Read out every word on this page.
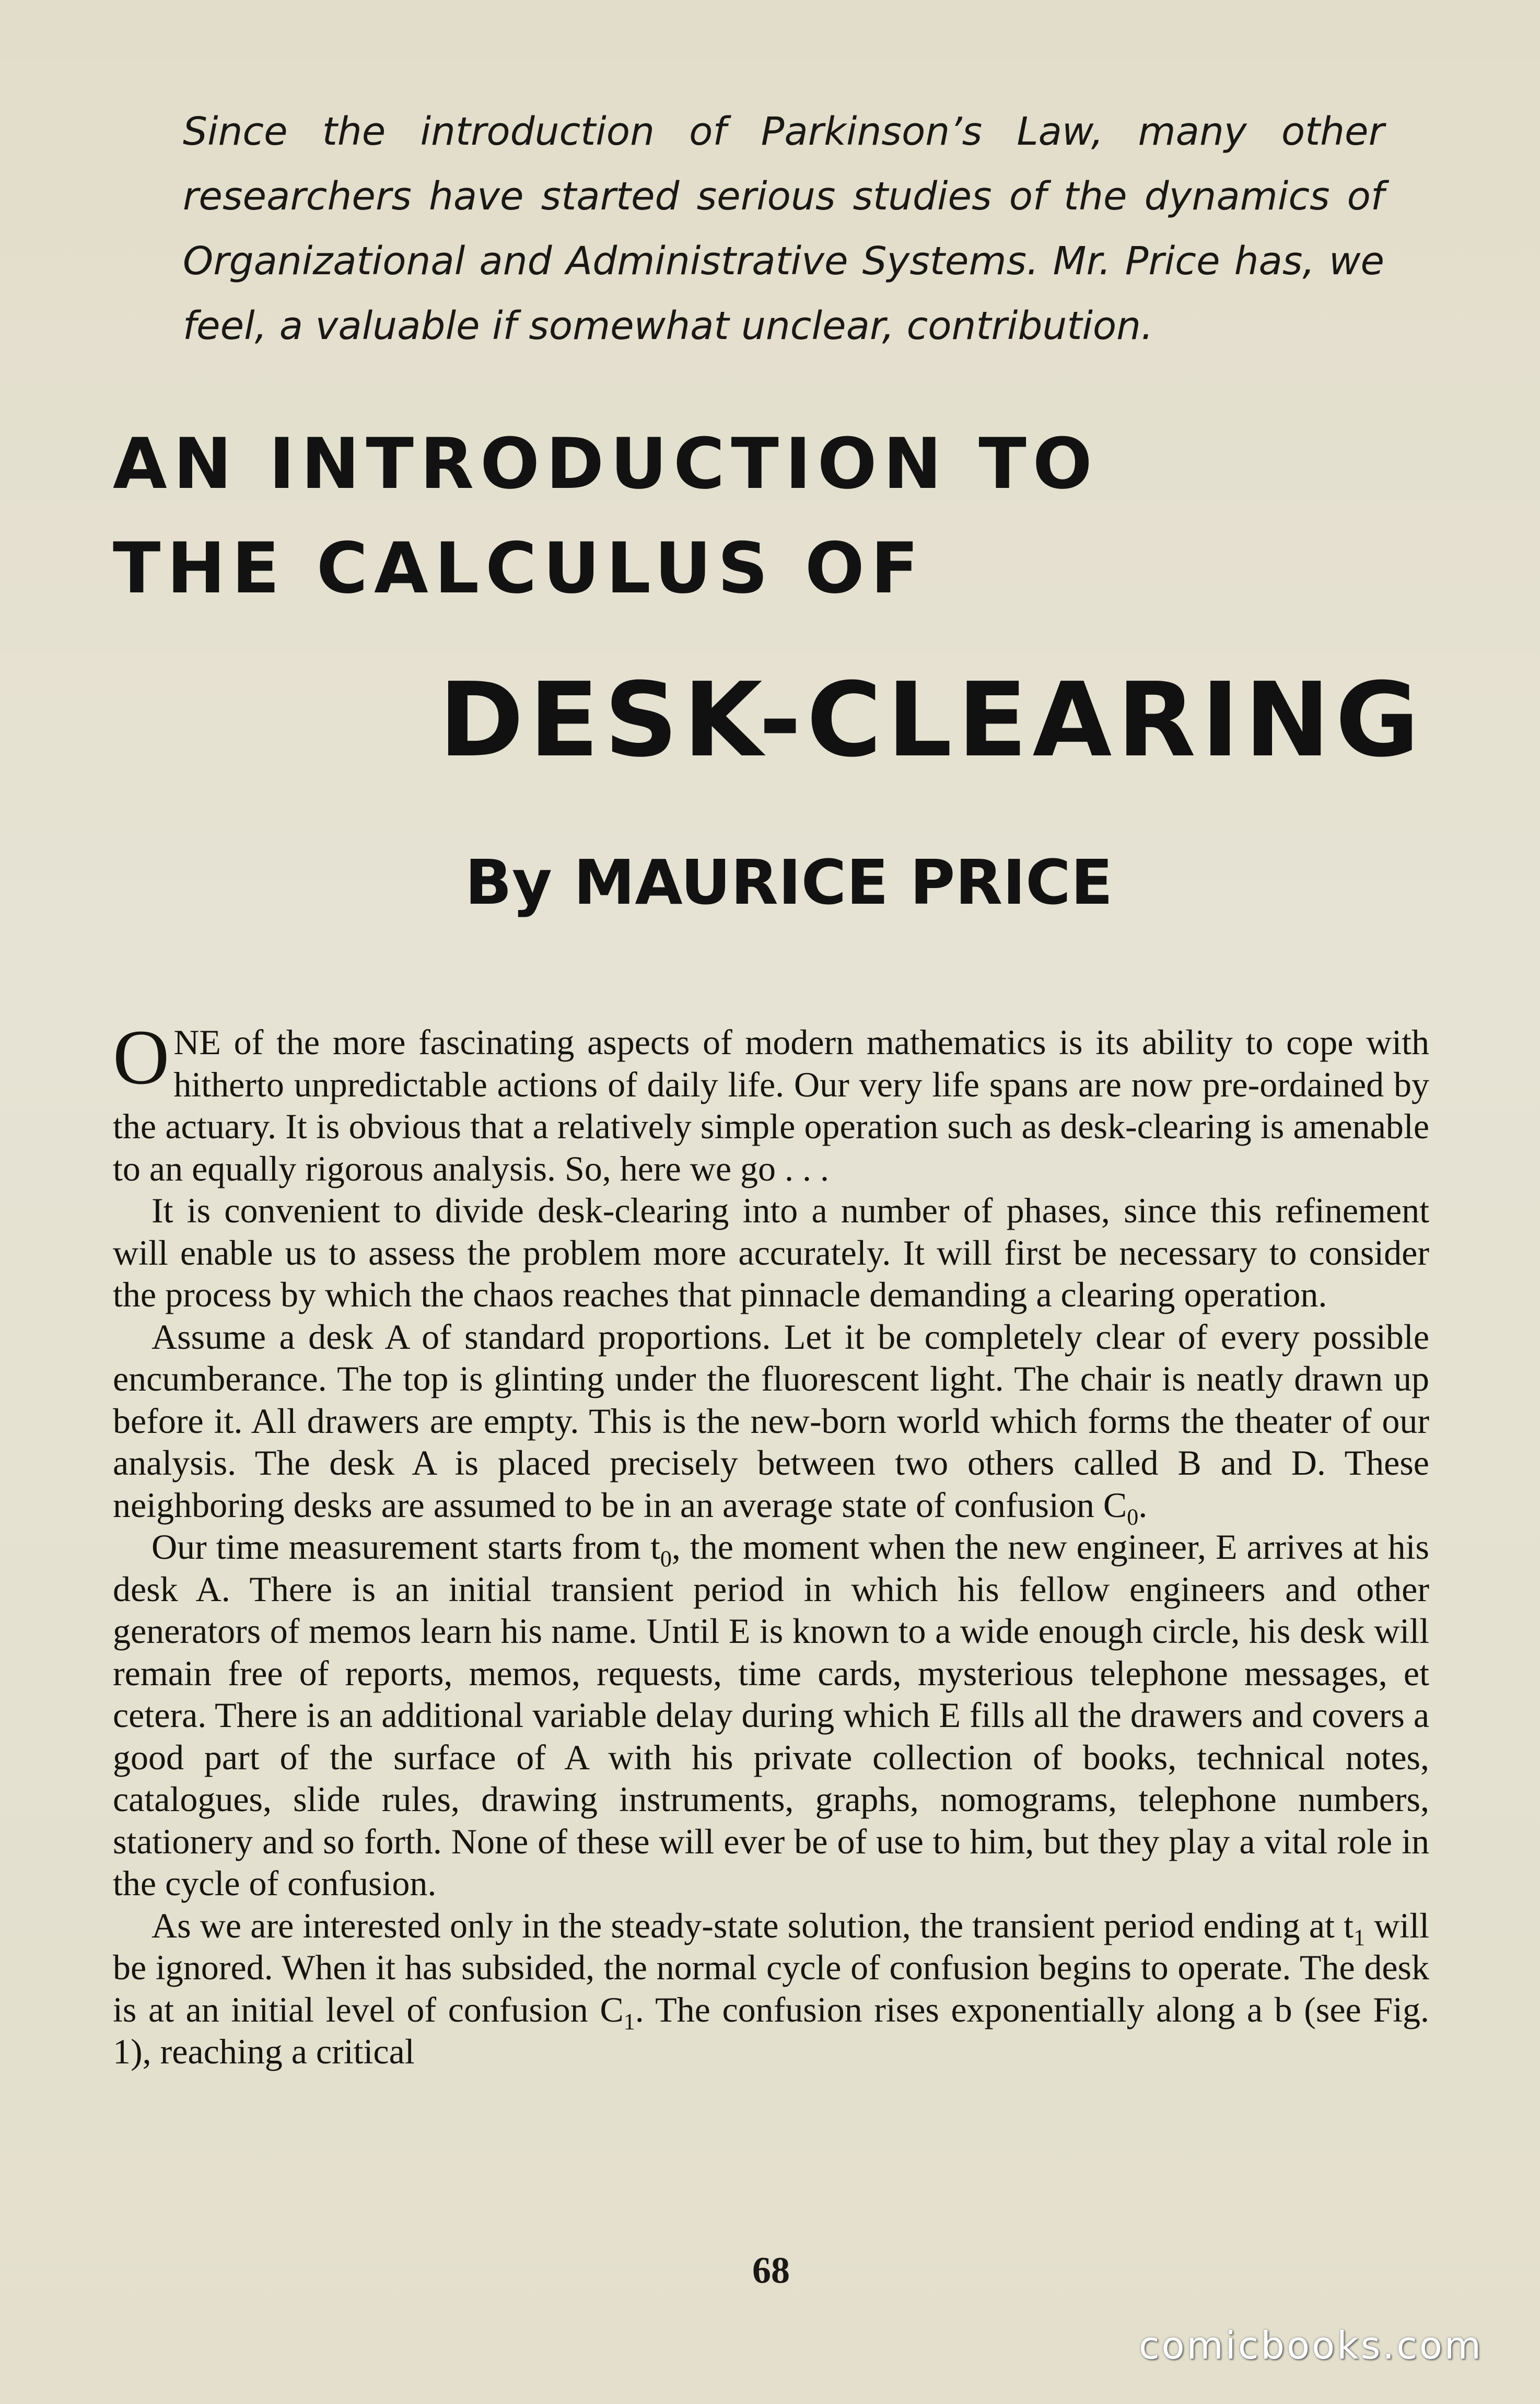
Since the introduction of Parkinson’s Law, many other researchers have started serious studies of the dynamics of Organizational and Administrative Systems. Mr. Price has, we feel, a valuable if somewhat unclear, contribution.
AN INTRODUCTION TO
THE CALCULUS OF
DESK-CLEARING
By MAURICE PRICE

ONE of the more fascinating aspects of modern mathematics is its ability to cope with hitherto unpredictable actions of daily life. Our very life spans are now pre-ordained by the actuary. It is obvious that a relatively simple operation such as desk-clearing is amenable to an equally rigorous analysis. So, here we go . . .

It is convenient to divide desk-clearing into a number of phases, since this refinement will enable us to assess the problem more accurately. It will first be necessary to consider the process by which the chaos reaches that pinnacle demanding a clearing operation.

Assume a desk A of standard proportions. Let it be completely clear of every possible encumberance. The top is glinting under the fluorescent light. The chair is neatly drawn up before it. All drawers are empty. This is the new-born world which forms the theater of our analysis. The desk A is placed precisely between two others called B and D. These neighboring desks are assumed to be in an average state of confusion $C_0$.

Our time measurement starts from $t_0$, the moment when the new engineer, E arrives at his desk A. There is an initial transient period in which his fellow engineers and other generators of memos learn his name. Until E is known to a wide enough circle, his desk will remain free of reports, memos, requests, time cards, mysterious telephone messages, et cetera. There is an additional variable delay during which E fills all the drawers and covers a good part of the surface of A with his private collection of books, technical notes, catalogues, slide rules, drawing instruments, graphs, nomograms, telephone numbers, stationery and so forth. None of these will ever be of use to him, but they play a vital role in the cycle of confusion.

As we are interested only in the steady-state solution, the transient period ending at $t_1$ will be ignored. When it has subsided, the normal cycle of confusion begins to operate. The desk is at an initial level of confusion $C_1$. The confusion rises exponentially along a b (see Fig. 1), reaching a critical

68
comicbooks.com
